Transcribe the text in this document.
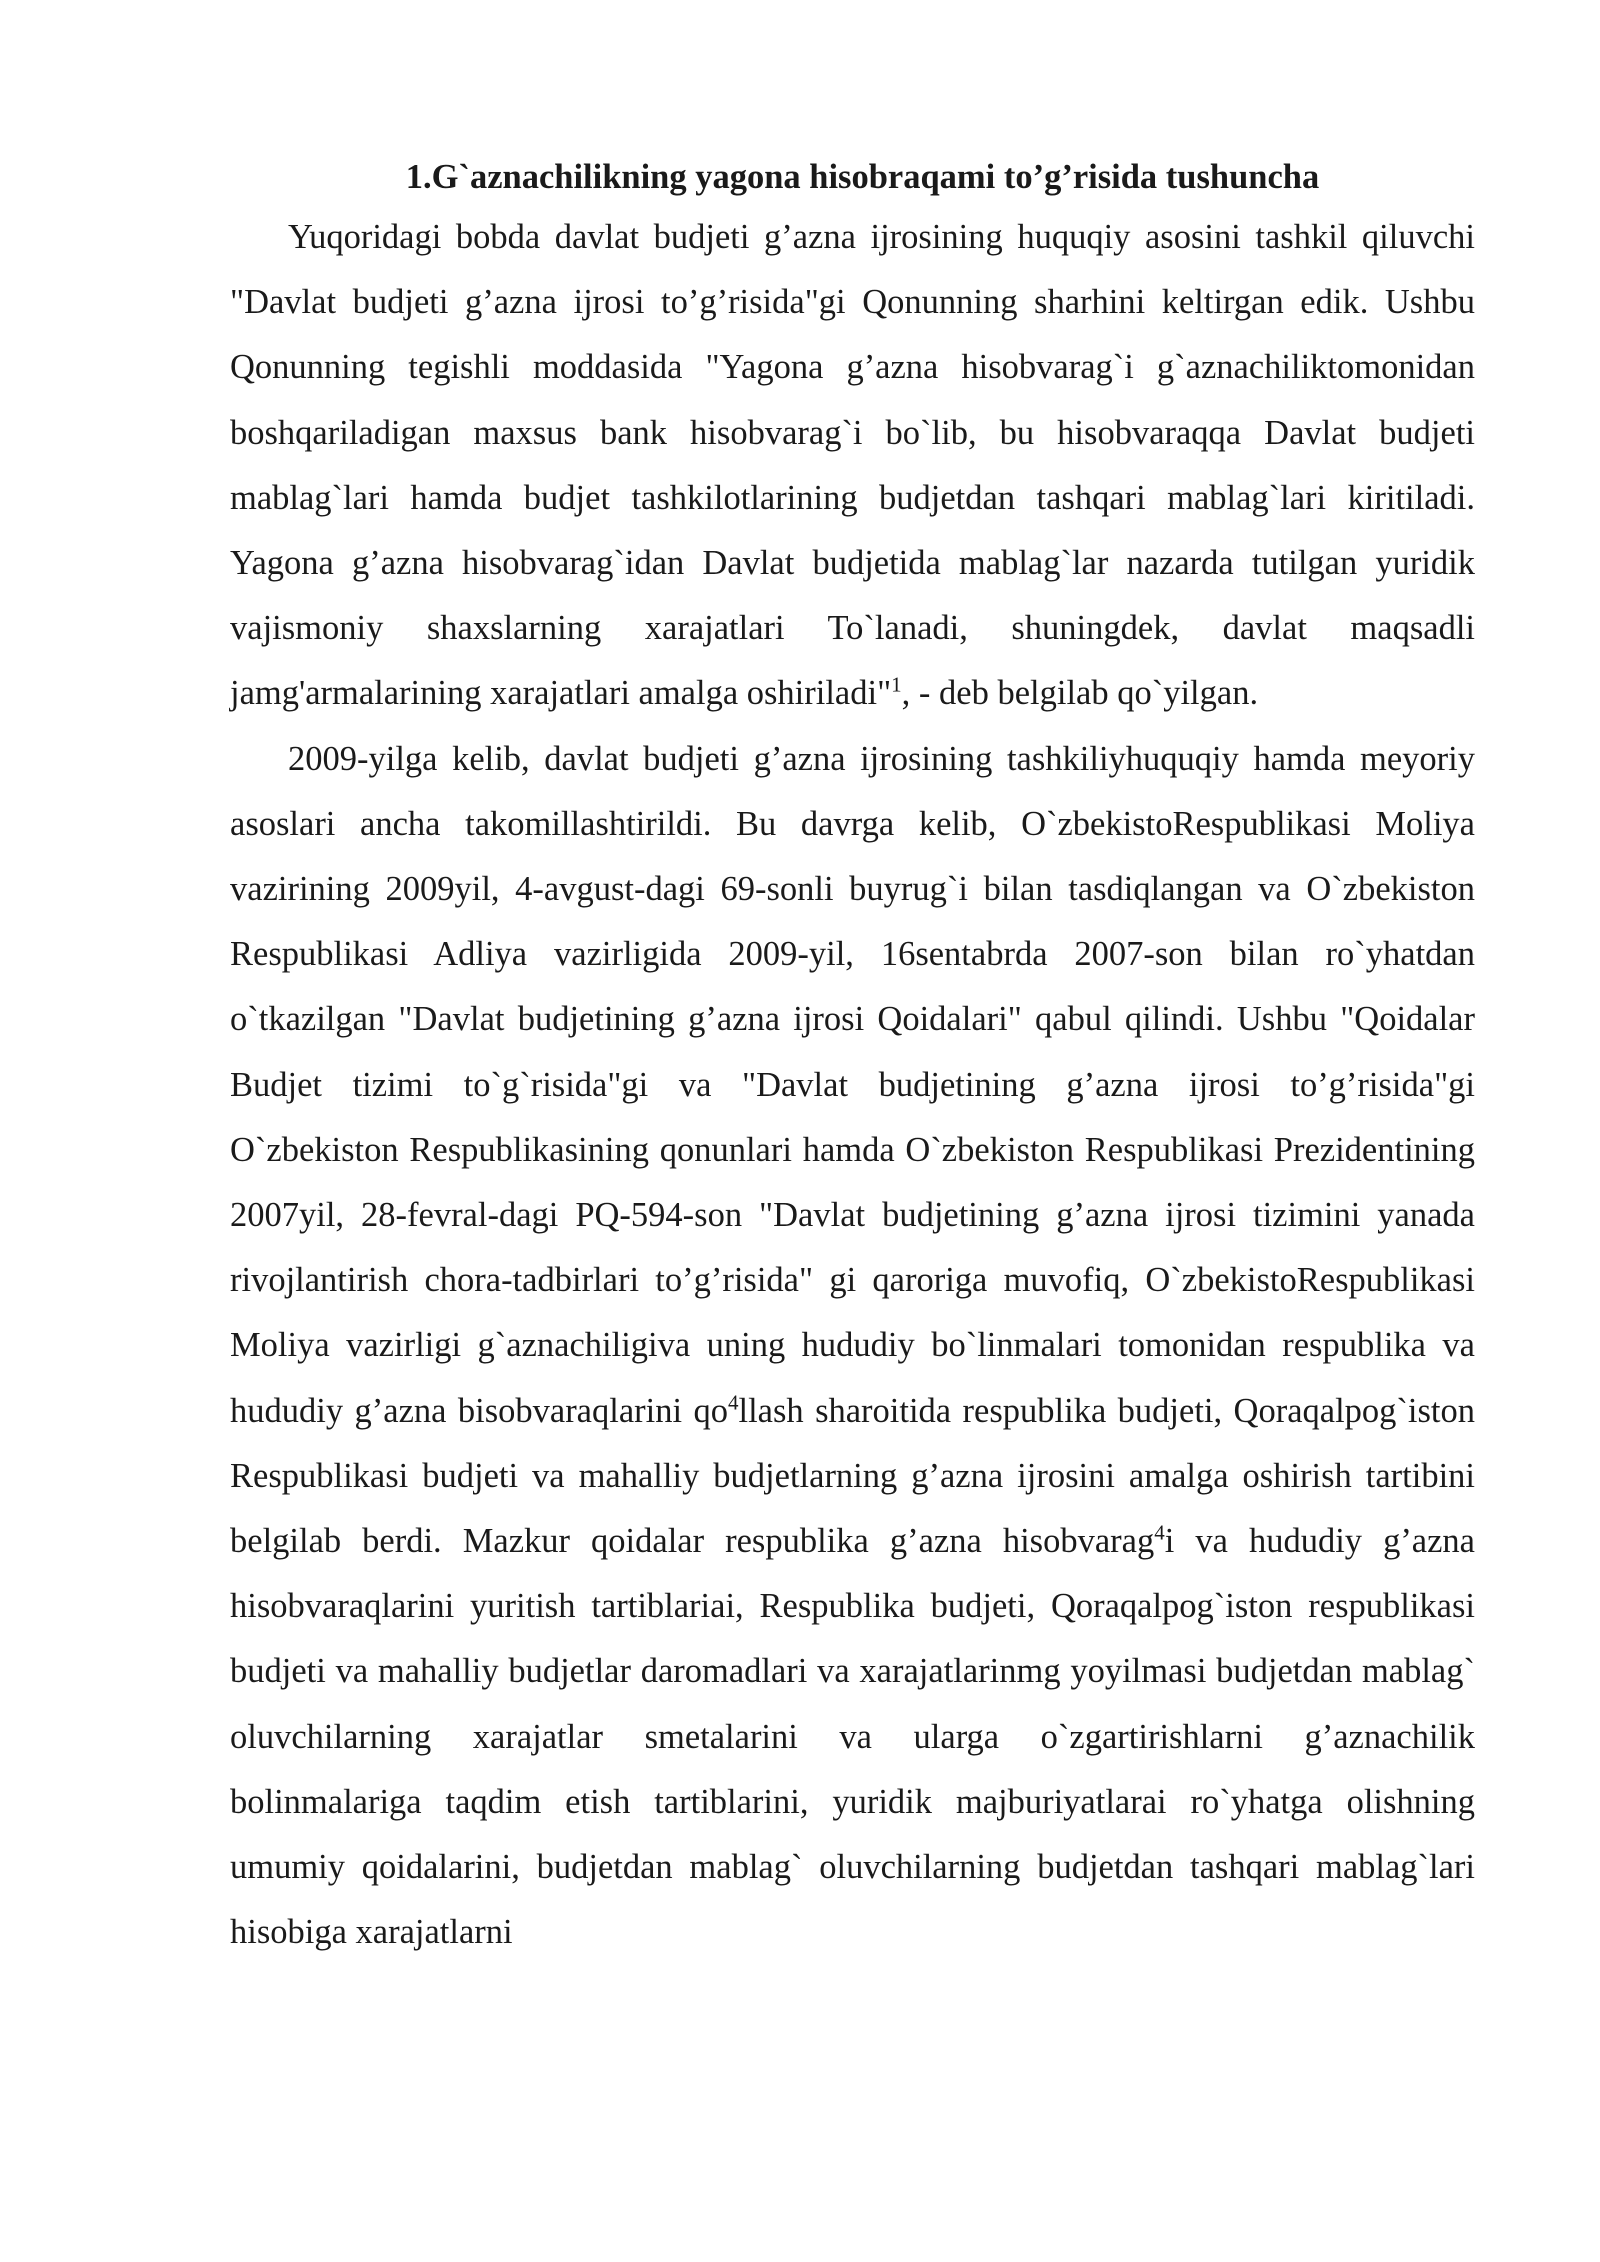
1.G`aznachilikning yagona hisobraqami to’g’risida tushuncha

Yuqoridagi bobda davlat budjeti g’azna ijrosining huquqiy asosini tashkil qiluvchi "Davlat budjeti g’azna ijrosi to’g’risida"gi Qonunning sharhini keltirgan edik. Ushbu Qonunning tegishli moddasida "Yagona g’azna hisobvarag`i g`aznachiliktomonidan boshqariladigan maxsus bank hisobvarag`i bo`lib, bu hisobvaraqqa Davlat budjeti mablag`lari hamda budjet tashkilotlarining budjetdan tashqari mablag`lari kiritiladi. Yagona g’azna hisobvarag`idan Davlat budjetida mablag`lar nazarda tutilgan yuridik vajismoniy shaxslarning xarajatlari To`lanadi, shuningdek, davlat maqsadli jamg'armalarining xarajatlari amalga oshiriladi"$^1$, - deb belgilab qo`yilgan.

2009-yilga kelib, davlat budjeti g’azna ijrosining tashkiliyhuquqiy hamda meyoriy asoslari ancha takomillashtirildi. Bu davrga kelib, O`zbekistoRespublikasi Moliya vazirining 2009yil, 4-avgust-dagi 69-sonli buyrug`i bilan tasdiqlangan va O`zbekiston Respublikasi Adliya vazirligida 2009-yil, 16sentabrda 2007-son bilan ro`yhatdan o`tkazilgan "Davlat budjetining g’azna ijrosi Qoidalari" qabul qilindi. Ushbu "Qoidalar Budjet tizimi to`g`risida"gi va "Davlat budjetining g’azna ijrosi to’g’risida"gi O`zbekiston Respublikasining qonunlari hamda O`zbekiston Respublikasi Prezidentining 2007yil, 28-fevral-dagi PQ-594-son "Davlat budjetining g’azna ijrosi tizimini yanada rivojlantirish chora-tadbirlari to’g’risida" gi qaroriga muvofiq, O`zbekistoRespublikasi Moliya vazirligi g`aznachiligiva uning hududiy bo`linmalari tomonidan respublika va hududiy g’azna bisobvaraqlarini $qo^4llash$ sharoitida respublika budjeti, Qoraqalpog`iston Respublikasi budjeti va mahalliy budjetlarning g’azna ijrosini amalga oshirish tartibini belgilab berdi. Mazkur qoidalar respublika g’azna hisobvarag$^4$i va hududiy g’azna hisobvaraqlarini yuritish tartiblariai, Respublika budjeti, Qoraqalpog`iston respublikasi budjeti va mahalliy budjetlar daromadlari va xarajatlarinmg yoyilmasi budjetdan mablag` oluvchilarning xarajatlar smetalarini va ularga o`zgartirishlarni g’aznachilik bolinmalariga taqdim etish tartiblarini, yuridik majburiyatlarai ro`yhatga olishning umumiy qoidalarini, budjetdan mablag` oluvchilarning budjetdan tashqari mablag`lari hisobiga xarajatlarni
